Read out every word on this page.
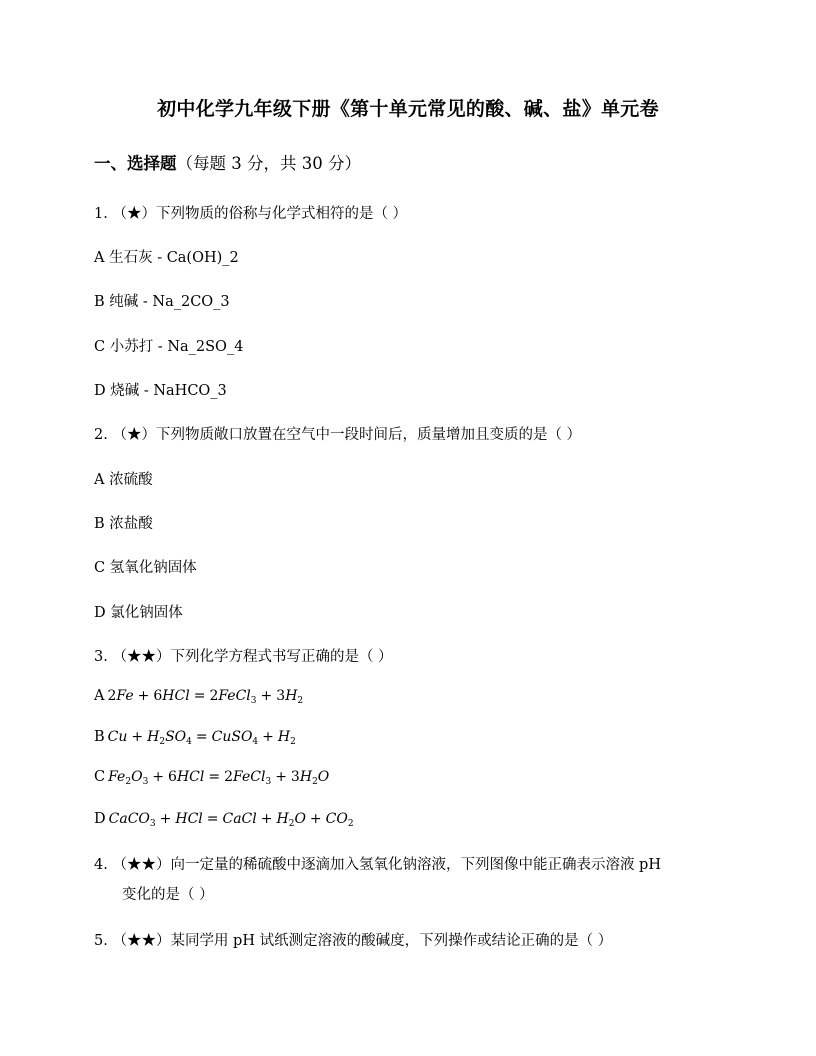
初中化学九年级下册《第十单元常见的酸、碱、盐》单元卷
一、选择题（每题 3 分，共 30 分）
1. （★）下列物质的俗称与化学式相符的是（ ）
A 生石灰 - Ca(OH)_2
B 纯碱 - Na_2CO_3
C 小苏打 - Na_2SO_4
D 烧碱 - NaHCO_3
2. （★）下列物质敞口放置在空气中一段时间后，质量增加且变质的是（ ）
A 浓硫酸
B 浓盐酸
C 氢氧化钠固体
D 氯化钠固体
3. （★★）下列化学方程式书写正确的是（ ）
A 2Fe + 6HCl = 2FeCl$_3$ + $3H_2$
B $Cu + H_2SO_4$ = CuSO$_4$ + $H_2$
C $Fe_2O_3 + 6HCl$ = 2FeCl$_3$ + $3H_2O$
D CaCO$_3$ + HCl = CaCl + $H_2O + CO_2$
4. （★★）向一定量的稀硫酸中逐滴加入氢氧化钠溶液，下列图像中能正确表示溶液 pH
变化的是（ ）
5. （★★）某同学用 pH 试纸测定溶液的酸碱度，下列操作或结论正确的是（ ）
